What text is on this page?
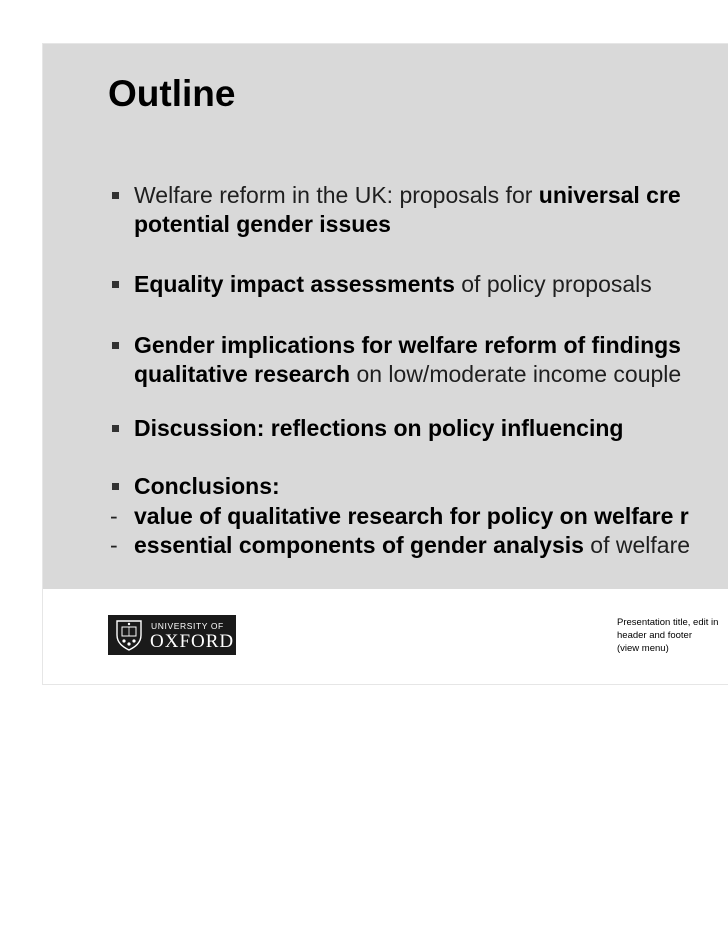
Outline
Welfare reform in the UK: proposals for universal cre
potential gender issues
Equality impact assessments of policy proposals
Gender implications for welfare reform of findings
qualitative research on low/moderate income couple
Discussion: reflections on policy influencing
Conclusions:
- value of qualitative research for policy on welfare r
- essential components of gender analysis of welfare
UNIVERSITY OF
OXFORD
Presentation title, edit in
header and footer
(view menu)
